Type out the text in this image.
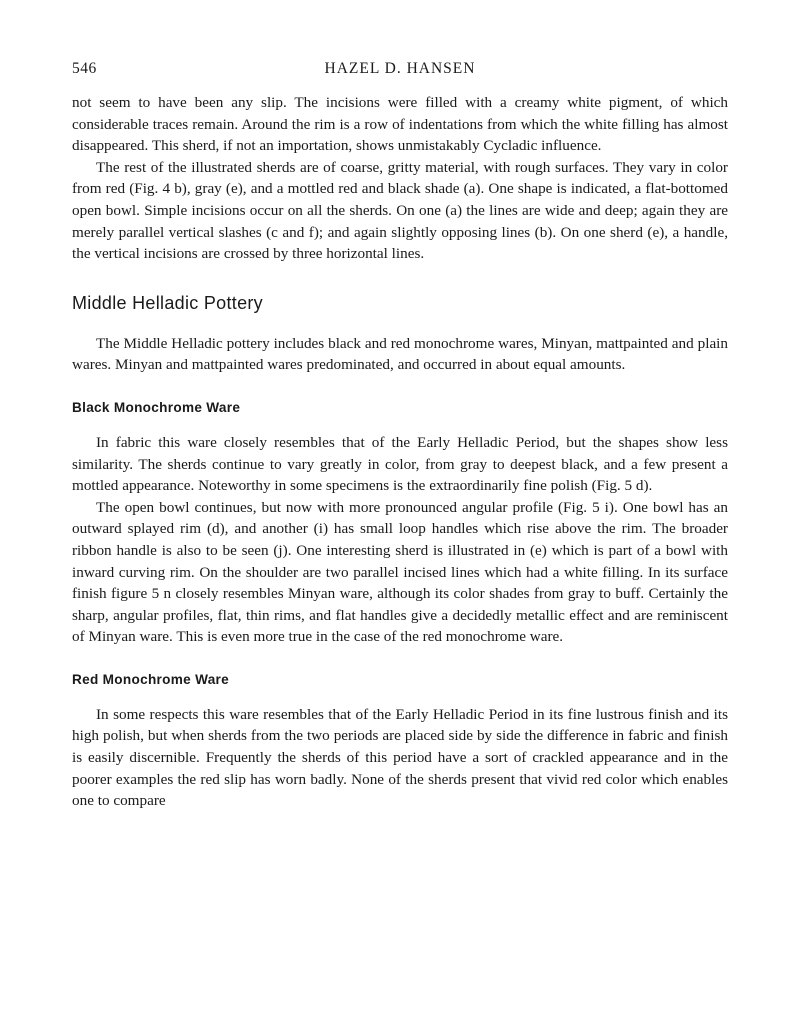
546	HAZEL D. HANSEN

not seem to have been any slip. The incisions were filled with a creamy white pigment, of which considerable traces remain. Around the rim is a row of indentations from which the white filling has almost disappeared. This sherd, if not an importation, shows unmistakably Cycladic influence.

The rest of the illustrated sherds are of coarse, gritty material, with rough surfaces. They vary in color from red (Fig. 4 b), gray (e), and a mottled red and black shade (a). One shape is indicated, a flat-bottomed open bowl. Simple incisions occur on all the sherds. On one (a) the lines are wide and deep; again they are merely parallel vertical slashes (c and f); and again slightly opposing lines (b). On one sherd (e), a handle, the vertical incisions are crossed by three horizontal lines.

Middle Helladic Pottery

The Middle Helladic pottery includes black and red monochrome wares, Minyan, mattpainted and plain wares. Minyan and mattpainted wares predominated, and occurred in about equal amounts.

Black Monochrome Ware

In fabric this ware closely resembles that of the Early Helladic Period, but the shapes show less similarity. The sherds continue to vary greatly in color, from gray to deepest black, and a few present a mottled appearance. Noteworthy in some specimens is the extraordinarily fine polish (Fig. 5 d).

The open bowl continues, but now with more pronounced angular profile (Fig. 5 i). One bowl has an outward splayed rim (d), and another (i) has small loop handles which rise above the rim. The broader ribbon handle is also to be seen (j). One interesting sherd is illustrated in (e) which is part of a bowl with inward curving rim. On the shoulder are two parallel incised lines which had a white filling. In its surface finish figure 5 n closely resembles Minyan ware, although its color shades from gray to buff. Certainly the sharp, angular profiles, flat, thin rims, and flat handles give a decidedly metallic effect and are reminiscent of Minyan ware. This is even more true in the case of the red monochrome ware.

Red Monochrome Ware

In some respects this ware resembles that of the Early Helladic Period in its fine lustrous finish and its high polish, but when sherds from the two periods are placed side by side the difference in fabric and finish is easily discernible. Frequently the sherds of this period have a sort of crackled appearance and in the poorer examples the red slip has worn badly. None of the sherds present that vivid red color which enables one to compare
